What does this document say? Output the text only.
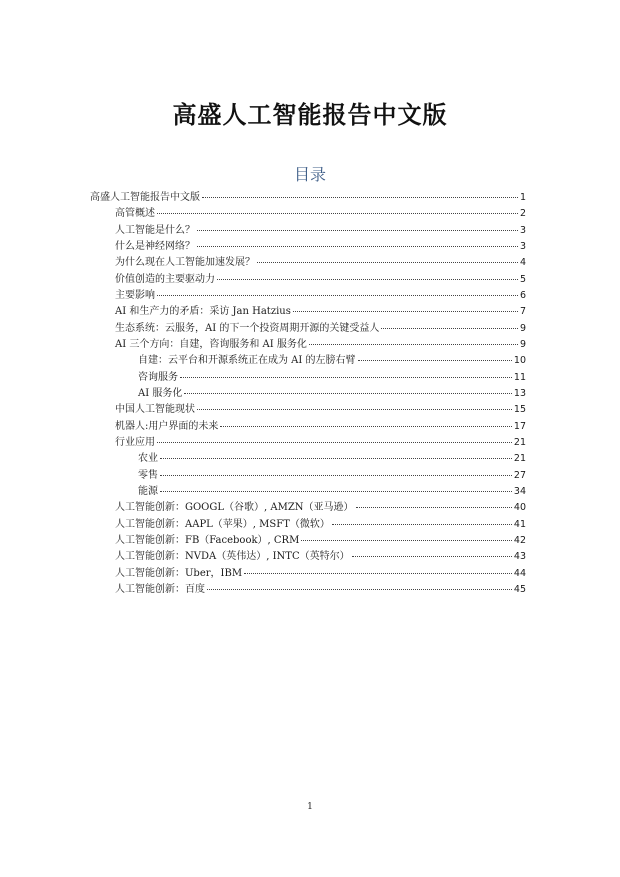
高盛人工智能报告中文版
目录
高盛人工智能报告中文版	1
高管概述	2
人工智能是什么？	3
什么是神经网络？	3
为什么现在人工智能加速发展？	4
价值创造的主要驱动力	5
主要影响	6
AI 和生产力的矛盾：采访 Jan Hatzius	7
生态系统：云服务，AI 的下一个投资周期开源的关键受益人	9
AI 三个方向：自建，咨询服务和 AI 服务化	9
自建：云平台和开源系统正在成为 AI 的左膀右臂	10
咨询服务	11
AI 服务化	13
中国人工智能现状	15
机器人:用户界面的未来	17
行业应用	21
农业	21
零售	27
能源	34
人工智能创新：GOOGL（谷歌）, AMZN（亚马逊）	40
人工智能创新：AAPL（苹果）, MSFT（微软）	41
人工智能创新：FB（Facebook）, CRM	42
人工智能创新：NVDA（英伟达）, INTC（英特尔）	43
人工智能创新：Uber，IBM	44
人工智能创新：百度	45
1
